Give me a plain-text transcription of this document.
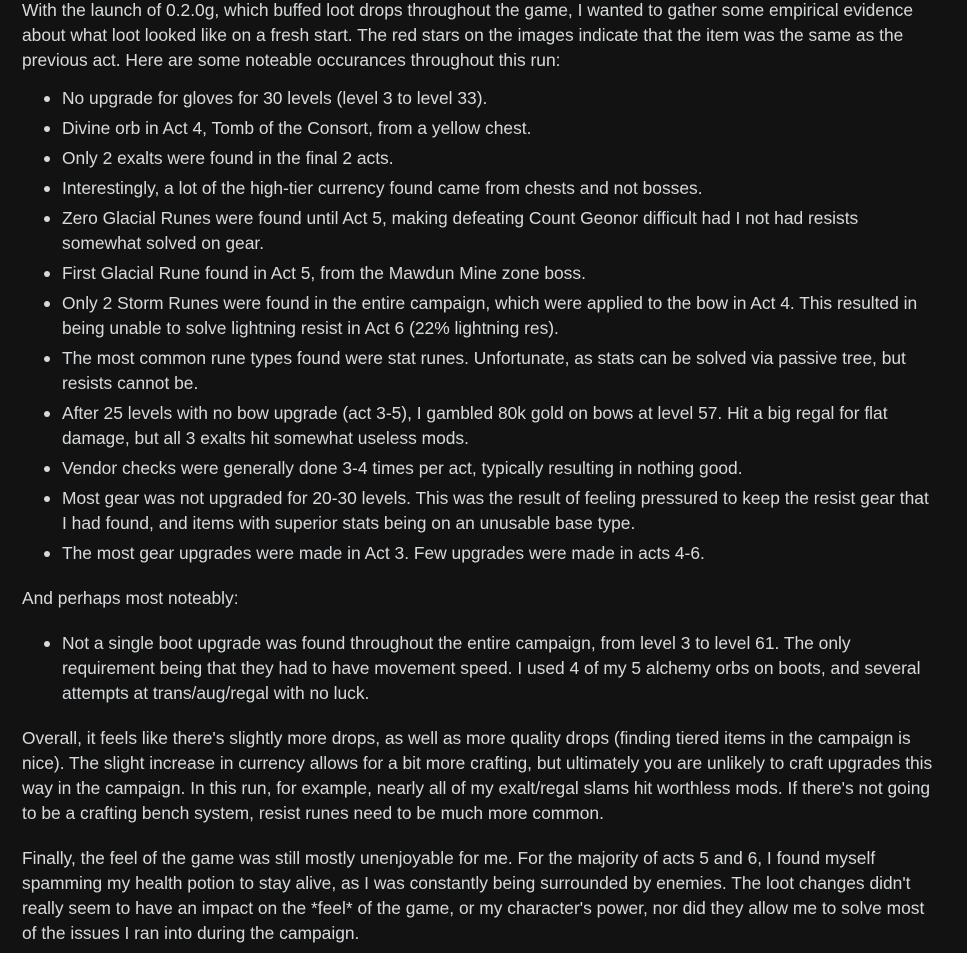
With the launch of 0.2.0g, which buffed loot drops throughout the game, I wanted to gather some empirical evidence about what loot looked like on a fresh start. The red stars on the images indicate that the item was the same as the previous act. Here are some noteable occurances throughout this run:

No upgrade for gloves for 30 levels (level 3 to level 33).
Divine orb in Act 4, Tomb of the Consort, from a yellow chest.
Only 2 exalts were found in the final 2 acts.
Interestingly, a lot of the high-tier currency found came from chests and not bosses.
Zero Glacial Runes were found until Act 5, making defeating Count Geonor difficult had I not had resists somewhat solved on gear.
First Glacial Rune found in Act 5, from the Mawdun Mine zone boss.
Only 2 Storm Runes were found in the entire campaign, which were applied to the bow in Act 4. This resulted in being unable to solve lightning resist in Act 6 (22% lightning res).
The most common rune types found were stat runes. Unfortunate, as stats can be solved via passive tree, but resists cannot be.
After 25 levels with no bow upgrade (act 3-5), I gambled 80k gold on bows at level 57. Hit a big regal for flat damage, but all 3 exalts hit somewhat useless mods.
Vendor checks were generally done 3-4 times per act, typically resulting in nothing good.
Most gear was not upgraded for 20-30 levels. This was the result of feeling pressured to keep the resist gear that I had found, and items with superior stats being on an unusable base type.
The most gear upgrades were made in Act 3. Few upgrades were made in acts 4-6.

And perhaps most noteably:

Not a single boot upgrade was found throughout the entire campaign, from level 3 to level 61. The only requirement being that they had to have movement speed. I used 4 of my 5 alchemy orbs on boots, and several attempts at trans/aug/regal with no luck.

Overall, it feels like there's slightly more drops, as well as more quality drops (finding tiered items in the campaign is nice). The slight increase in currency allows for a bit more crafting, but ultimately you are unlikely to craft upgrades this way in the campaign. In this run, for example, nearly all of my exalt/regal slams hit worthless mods. If there's not going to be a crafting bench system, resist runes need to be much more common.

Finally, the feel of the game was still mostly unenjoyable for me. For the majority of acts 5 and 6, I found myself spamming my health potion to stay alive, as I was constantly being surrounded by enemies. The loot changes didn't really seem to have an impact on the *feel* of the game, or my character's power, nor did they allow me to solve most of the issues I ran into during the campaign.
